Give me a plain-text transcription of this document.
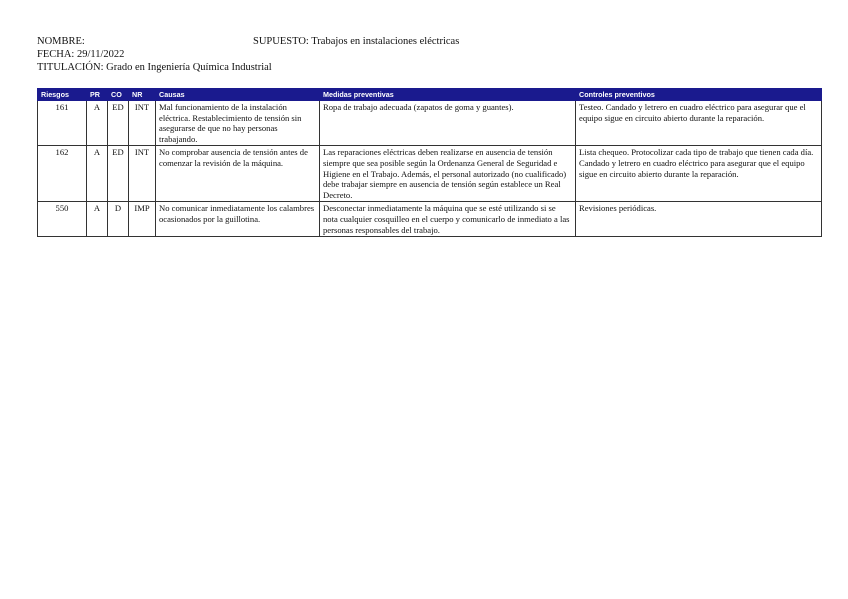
NOMBRE:	SUPUESTO: Trabajos en instalaciones eléctricas
FECHA: 29/11/2022
TITULACIÓN: Grado en Ingeniería Química Industrial
Riesgos	PR	CO	NR	Causas	Medidas preventivas	Controles preventivos
161	A	ED	INT	Mal funcionamiento de la instalación eléctrica. Restablecimiento de tensión sin asegurarse de que no hay personas trabajando.	Ropa de trabajo adecuada (zapatos de goma y guantes).	Testeo. Candado y letrero en cuadro eléctrico para asegurar que el equipo sigue en circuito abierto durante la reparación.
162	A	ED	INT	No comprobar ausencia de tensión antes de comenzar la revisión de la máquina.	Las reparaciones eléctricas deben realizarse en ausencia de tensión siempre que sea posible según la Ordenanza General de Seguridad e Higiene en el Trabajo. Además, el personal autorizado (no cualificado) debe trabajar siempre en ausencia de tensión según establece un Real Decreto.	Lista chequeo. Protocolizar cada tipo de trabajo que tienen cada día. Candado y letrero en cuadro eléctrico para asegurar que el equipo sigue en circuito abierto durante la reparación.
550	A	D	IMP	No comunicar inmediatamente los calambres ocasionados por la guillotina.	Desconectar inmediatamente la máquina que se esté utilizando si se nota cualquier cosquilleo en el cuerpo y comunicarlo de inmediato a las personas responsables del trabajo.	Revisiones periódicas.
